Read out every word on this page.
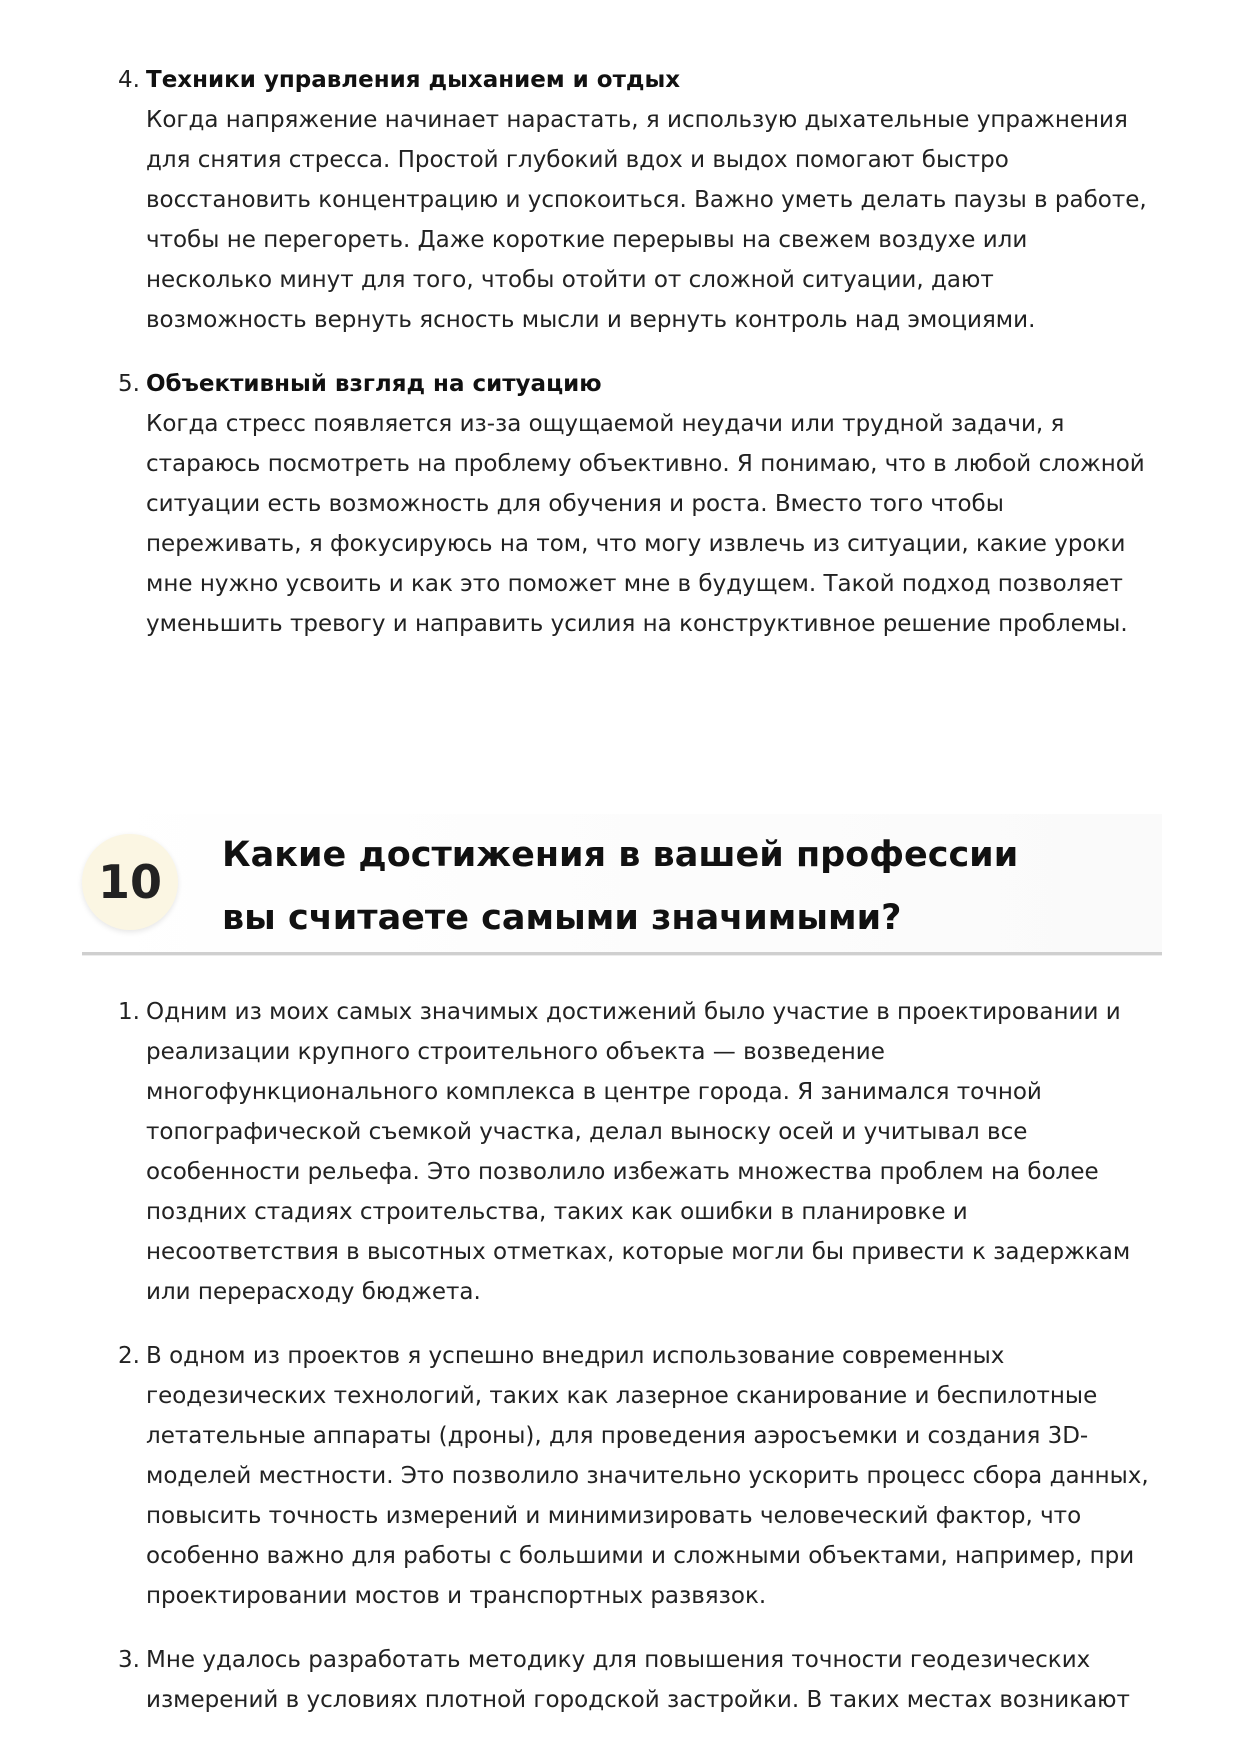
4. Техники управления дыханием и отдых
Когда напряжение начинает нарастать, я использую дыхательные упражнения для снятия стресса. Простой глубокий вдох и выдох помогают быстро восстановить концентрацию и успокоиться. Важно уметь делать паузы в работе, чтобы не перегореть. Даже короткие перерывы на свежем воздухе или несколько минут для того, чтобы отойти от сложной ситуации, дают возможность вернуть ясность мысли и вернуть контроль над эмоциями.
5. Объективный взгляд на ситуацию
Когда стресс появляется из-за ощущаемой неудачи или трудной задачи, я стараюсь посмотреть на проблему объективно. Я понимаю, что в любой сложной ситуации есть возможность для обучения и роста. Вместо того чтобы переживать, я фокусируюсь на том, что могу извлечь из ситуации, какие уроки мне нужно усвоить и как это поможет мне в будущем. Такой подход позволяет уменьшить тревогу и направить усилия на конструктивное решение проблемы.
10	Какие достижения в вашей профессии вы считаете самыми значимыми?
1. Одним из моих самых значимых достижений было участие в проектировании и реализации крупного строительного объекта — возведение многофункционального комплекса в центре города. Я занимался точной топографической съемкой участка, делал выноску осей и учитывал все особенности рельефа. Это позволило избежать множества проблем на более поздних стадиях строительства, таких как ошибки в планировке и несоответствия в высотных отметках, которые могли бы привести к задержкам или перерасходу бюджета.
2. В одном из проектов я успешно внедрил использование современных геодезических технологий, таких как лазерное сканирование и беспилотные летательные аппараты (дроны), для проведения аэросъемки и создания 3D-моделей местности. Это позволило значительно ускорить процесс сбора данных, повысить точность измерений и минимизировать человеческий фактор, что особенно важно для работы с большими и сложными объектами, например, при проектировании мостов и транспортных развязок.
3. Мне удалось разработать методику для повышения точности геодезических измерений в условиях плотной городской застройки. В таких местах возникают
